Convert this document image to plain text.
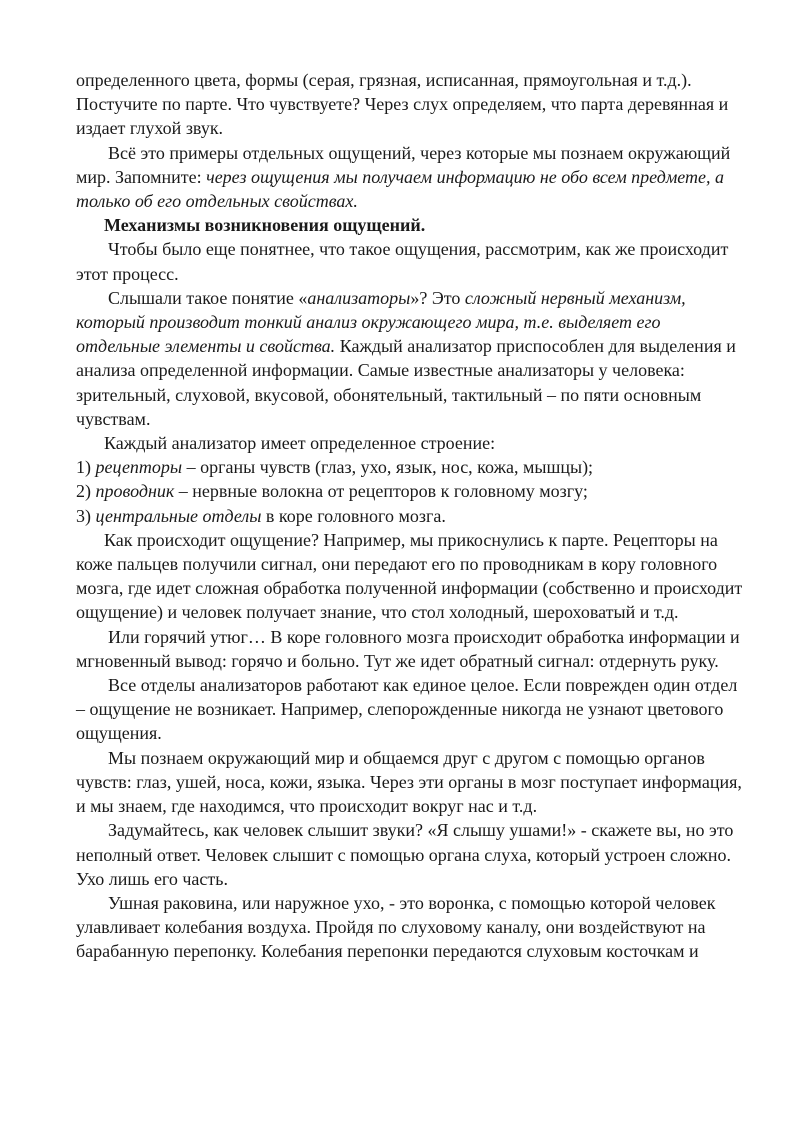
определенного цвета, формы (серая, грязная, исписанная, прямоугольная и т.д.). Постучите по парте. Что чувствуете? Через слух определяем, что парта деревянная и издает глухой звук.

Всё это примеры отдельных ощущений, через которые мы познаем окружающий мир. Запомните: через ощущения мы получаем информацию не обо всем предмете, а только об его отдельных свойствах.

Механизмы возникновения ощущений.

Чтобы было еще понятнее, что такое ощущения, рассмотрим, как же происходит этот процесс.

Слышали такое понятие «анализаторы»? Это сложный нервный механизм, который производит тонкий анализ окружающего мира, т.е. выделяет его отдельные элементы и свойства. Каждый анализатор приспособлен для выделения и анализа определенной информации. Самые известные анализаторы у человека: зрительный, слуховой, вкусовой, обонятельный, тактильный – по пяти основным чувствам.

Каждый анализатор имеет определенное строение:

1) рецепторы – органы чувств (глаз, ухо, язык, нос, кожа, мышцы);

2) проводник – нервные волокна от рецепторов к головному мозгу;

3) центральные отделы в коре головного мозга.

Как происходит ощущение? Например, мы прикоснулись к парте. Рецепторы на коже пальцев получили сигнал, они передают его по проводникам в кору головного мозга, где идет сложная обработка полученной информации (собственно и происходит ощущение) и человек получает знание, что стол холодный, шероховатый и т.д.

Или горячий утюг… В коре головного мозга происходит обработка информации и мгновенный вывод: горячо и больно. Тут же идет обратный сигнал: отдернуть руку.

Все отделы анализаторов работают как единое целое. Если поврежден один отдел – ощущение не возникает. Например, слепорожденные никогда не узнают цветового ощущения.

Мы познаем окружающий мир и общаемся друг с другом с помощью органов чувств: глаз, ушей, носа, кожи, языка. Через эти органы в мозг поступает информация, и мы знаем, где находимся, что происходит вокруг нас и т.д.

Задумайтесь, как человек слышит звуки? «Я слышу ушами!» - скажете вы, но это неполный ответ. Человек слышит с помощью органа слуха, который устроен сложно. Ухо лишь его часть.

Ушная раковина, или наружное ухо, - это воронка, с помощью которой человек улавливает колебания воздуха. Пройдя по слуховому каналу, они воздействуют на барабанную перепонку. Колебания перепонки передаются слуховым косточкам и
